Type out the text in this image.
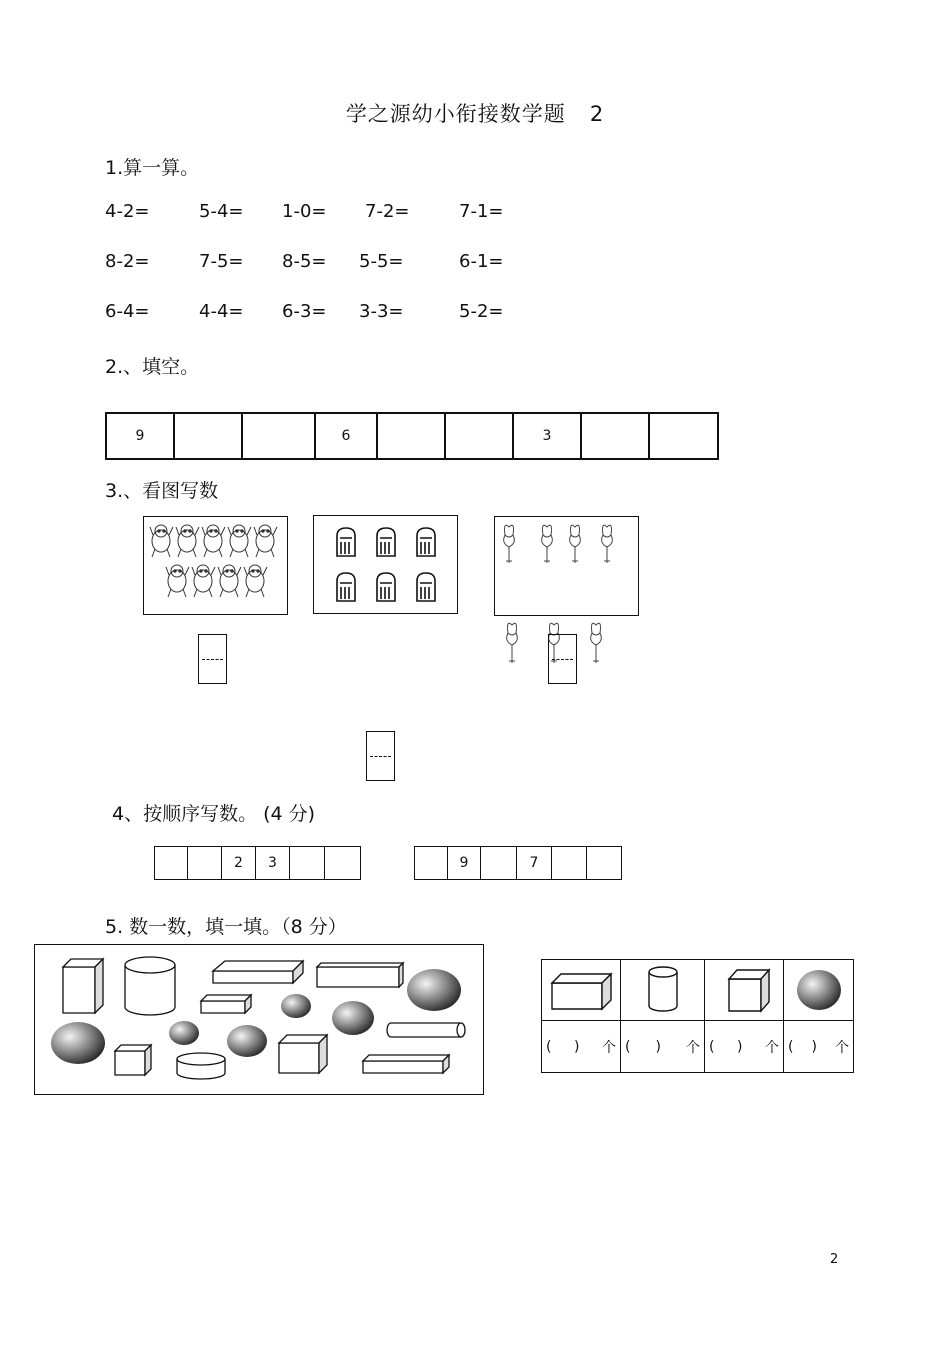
学之源幼小衔接数学题 2
1.算一算。
4-2=	5-4= 1-0= 7-2=	7-1=
8-2=	7-5= 8-5= 5-5=	6-1=
6-4=	4-4= 6-3= 3-3=	5-2=
2.、填空。
9	6	3
3.、看图写数
4、按顺序写数。 (4 分)
2	3	9	7
5. 数一数，填一填。（8 分）
( ) 个 ( ) 个 ( ) 个 ( ) 个
2
